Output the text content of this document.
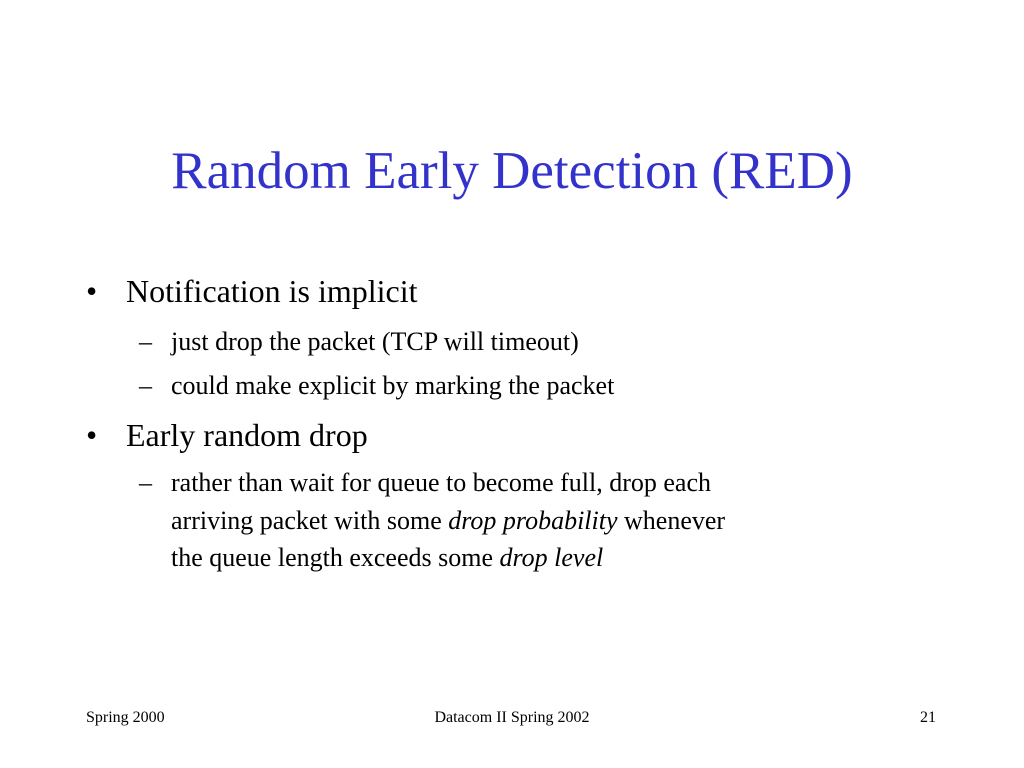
Random Early Detection (RED)
• Notification is implicit
– just drop the packet (TCP will timeout)
– could make explicit by marking the packet
• Early random drop
– rather than wait for queue to become full, drop each
arriving packet with some drop probability whenever
the queue length exceeds some drop level
Spring 2000	Datacom II Spring 2002	21
